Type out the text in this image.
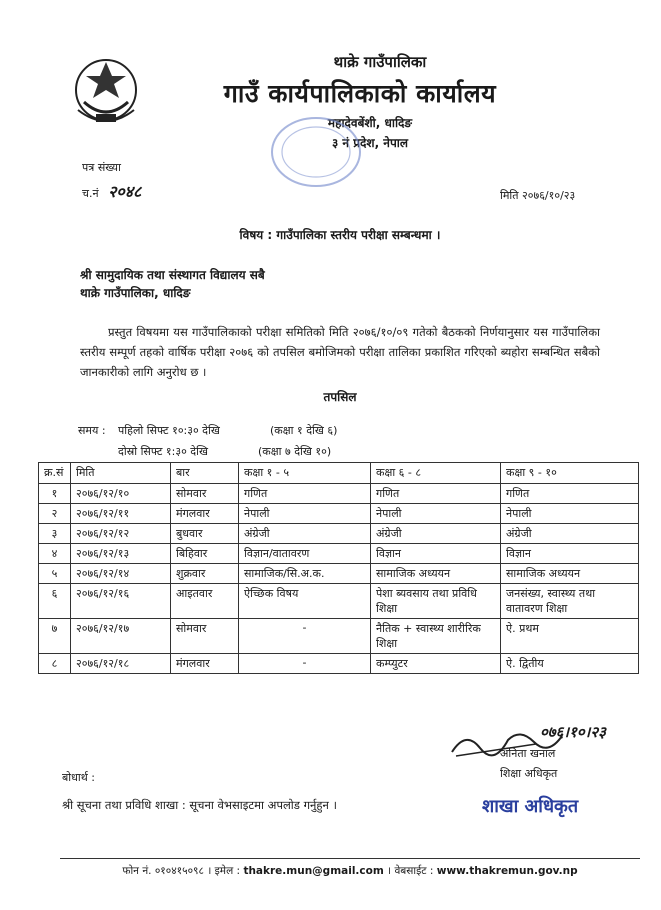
थाक्रे गाउँपालिका
गाउँ कार्यपालिकाको कार्यालय
महादेवबेंशी, धादिङ
३ नं प्रदेश, नेपाल
पत्र संख्या
च.नं २०४८	मिति २०७६/१०/२३
विषय : गाउँपालिका स्तरीय परीक्षा सम्बन्धमा ।
श्री सामुदायिक तथा संस्थागत विद्यालय सबै
थाक्रे गाउँपालिका, धादिङ
प्रस्तुत विषयमा यस गाउँपालिकाको परीक्षा समितिको मिति २०७६/१०/०९ गतेको बैठकको निर्णयानुसार यस गाउँपालिका स्तरीय सम्पूर्ण तहको वार्षिक परीक्षा २०७६ को तपसिल बमोजिमको परीक्षा तालिका प्रकाशित गरिएको ब्यहोरा सम्बन्धित सबैको जानकारीको लागि अनुरोध छ ।
तपसिल
समय : पहिलो सिफ्ट १०:३० देखि	(कक्षा १ देखि ६)
दोस्रो सिफ्ट १:३० देखि	(कक्षा ७ देखि १०)
क्र.सं	मिति	बार	कक्षा १ - ५	कक्षा ६ - ८	कक्षा ९ - १०
१	२०७६/१२/१०	सोमवार	गणित	गणित	गणित
२	२०७६/१२/११	मंगलवार	नेपाली	नेपाली	नेपाली
३	२०७६/१२/१२	बुधवार	अंग्रेजी	अंग्रेजी	अंग्रेजी
४	२०७६/१२/१३	बिहिवार	विज्ञान/वातावरण	विज्ञान	विज्ञान
५	२०७६/१२/१४	शुक्रवार	सामाजिक/सि.अ.क.	सामाजिक अध्ययन	सामाजिक अध्ययन
६	२०७६/१२/१६	आइतवार	ऐच्छिक विषय	पेशा ब्यवसाय तथा प्रविधि शिक्षा	जनसंख्य, स्वास्थ्य तथा वातावरण शिक्षा
७	२०७६/१२/१७	सोमवार	-	नैतिक + स्वास्थ्य शारीरिक शिक्षा	ऐ. प्रथम
८	२०७६/१२/१८	मंगलवार	-	कम्प्युटर	ऐ. द्वितीय
०७६।१०।२३
अनिता खनाल
शिक्षा अधिकृत
बोधार्थ :
श्री सूचना तथा प्रविधि शाखा : सूचना वेभसाइटमा अपलोड गर्नुहुन ।	शाखा अधिकृत
फोन नं. ०१०४१५०९८ । इमेल : thakre.mun@gmail.com । वेबसाईट : www.thakremun.gov.np
